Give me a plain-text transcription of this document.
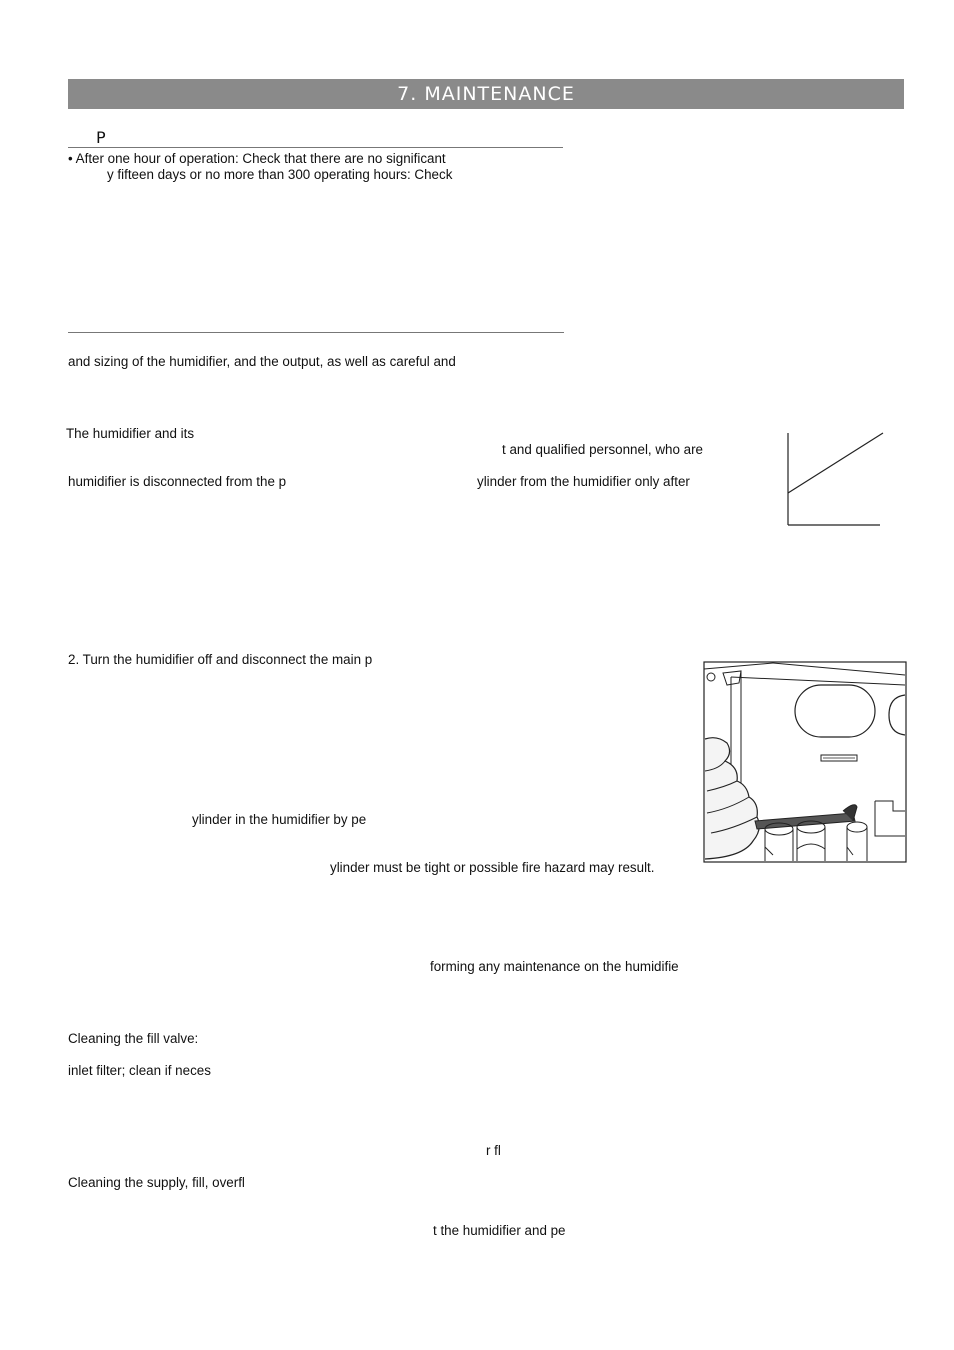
7. MAINTENANCE
P
• After one hour of operation: Check that there are no significant
y fifteen days or no more than 300 operating hours: Check
and sizing of the humidifier, and the output, as well as careful and
The humidifier and its
t and qualified personnel, who are
humidifier is disconnected from the p	ylinder from the humidifier only after
2. Turn the humidifier off and disconnect the main p
ylinder in the humidifier by pe
ylinder must be tight or possible fire hazard may result.
forming any maintenance on the humidifie
Cleaning the fill valve:
inlet filter; clean if neces
r fl
Cleaning the supply, fill, overfl
t the humidifier and pe
